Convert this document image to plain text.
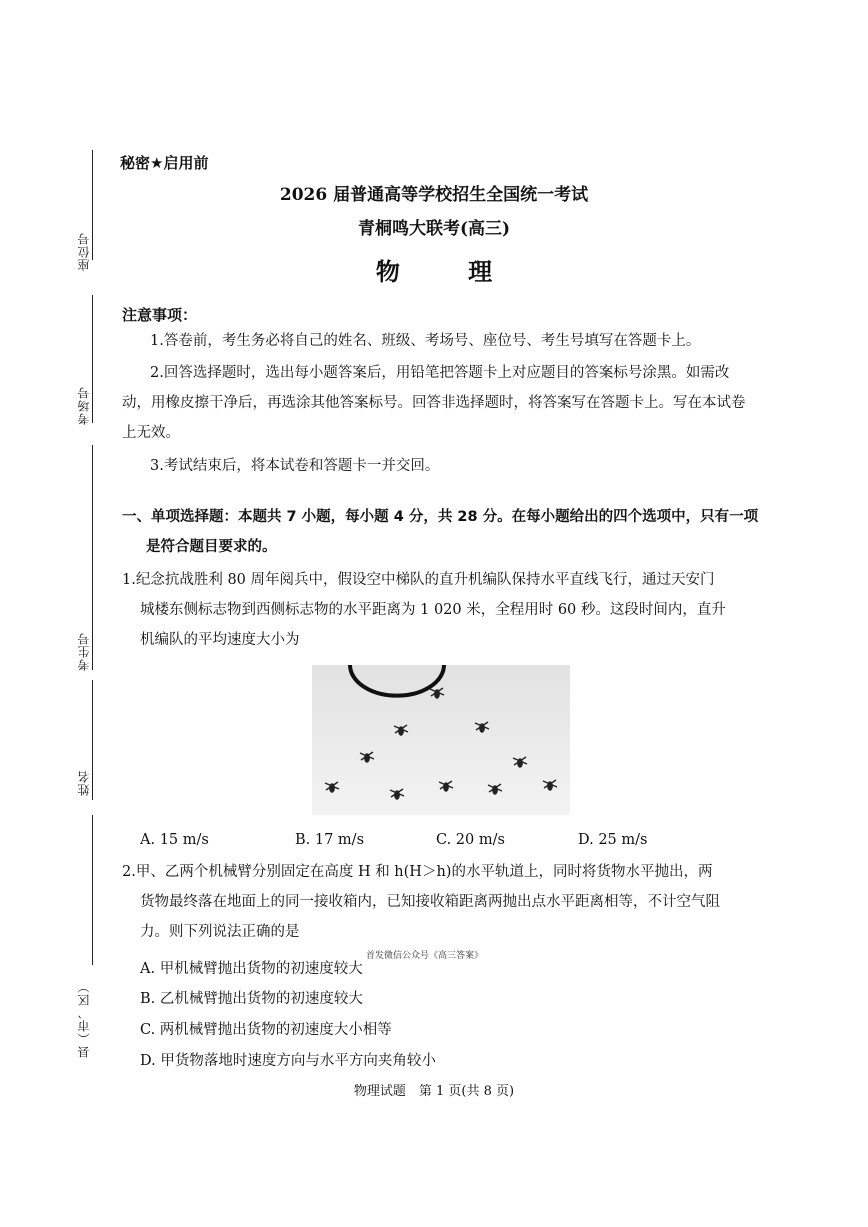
座位号
考场号
考生号
姓名
县（市、区）
秘密★启用前
2026 届普通高等学校招生全国统一考试
青桐鸣大联考(高三)
物 理
注意事项：
1.答卷前，考生务必将自己的姓名、班级、考场号、座位号、考生号填写在答题卡上。
2.回答选择题时，选出每小题答案后，用铅笔把答题卡上对应题目的答案标号涂黑。如需改动，用橡皮擦干净后，再选涂其他答案标号。回答非选择题时，将答案写在答题卡上。写在本试卷上无效。
3.考试结束后，将本试卷和答题卡一并交回。
一、单项选择题：本题共 7 小题，每小题 4 分，共 28 分。在每小题给出的四个选项中，只有一项
是符合题目要求的。
1.纪念抗战胜利 80 周年阅兵中，假设空中梯队的直升机编队保持水平直线飞行，通过天安门
城楼东侧标志物到西侧标志物的水平距离为 1 020 米，全程用时 60 秒。这段时间内，直升
机编队的平均速度大小为
A. 15 m/s	B. 17 m/s	C. 20 m/s	D. 25 m/s
2.甲、乙两个机械臂分别固定在高度 H 和 h(H＞h)的水平轨道上，同时将货物水平抛出，两
货物最终落在地面上的同一接收箱内，已知接收箱距离两抛出点水平距离相等，不计空气阻
力。则下列说法正确的是
首发微信公众号《高三答案》
A. 甲机械臂抛出货物的初速度较大
B. 乙机械臂抛出货物的初速度较大
C. 两机械臂抛出货物的初速度大小相等
D. 甲货物落地时速度方向与水平方向夹角较小
物理试题　第 1 页(共 8 页)
